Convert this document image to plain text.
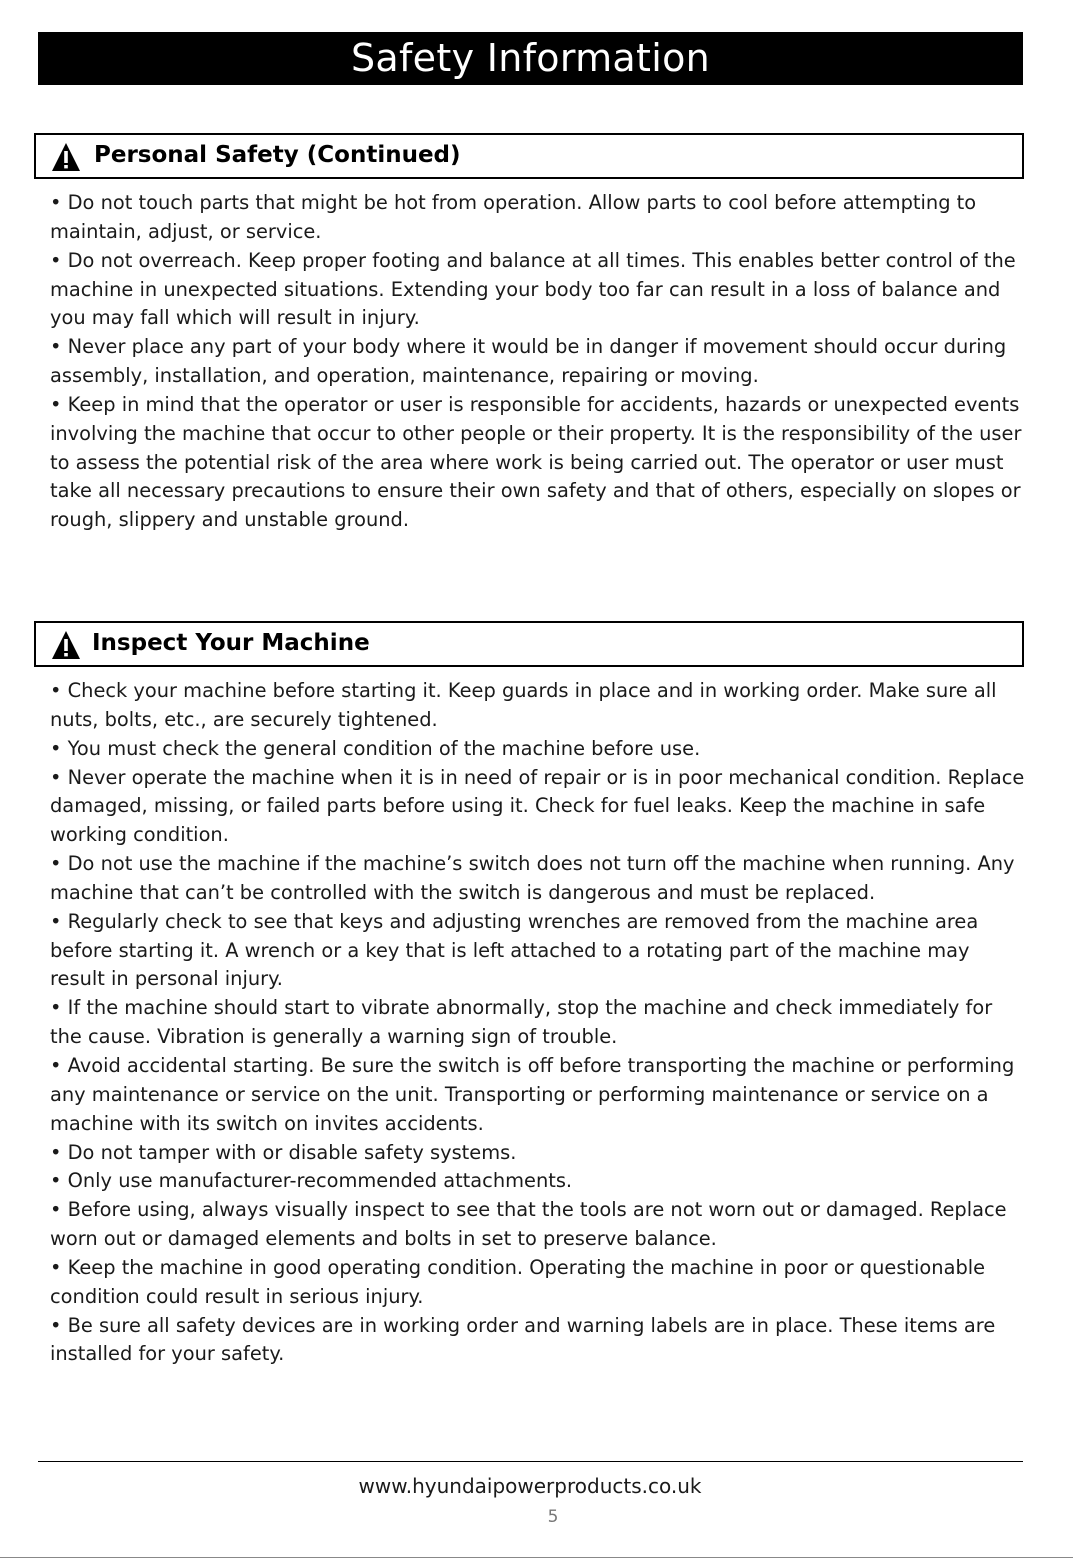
Safety Information
Personal Safety (Continued)
• Do not touch parts that might be hot from operation. Allow parts to cool before attempting to maintain, adjust, or service.
• Do not overreach. Keep proper footing and balance at all times. This enables better control of the machine in unexpected situations. Extending your body too far can result in a loss of balance and you may fall which will result in injury.
• Never place any part of your body where it would be in danger if movement should occur during assembly, installation, and operation, maintenance, repairing or moving.
• Keep in mind that the operator or user is responsible for accidents, hazards or unexpected events involving the machine that occur to other people or their property. It is the responsibility of the user to assess the potential risk of the area where work is being carried out. The operator or user must take all necessary precautions to ensure their own safety and that of others, especially on slopes or rough, slippery and unstable ground.
Inspect Your Machine
• Check your machine before starting it. Keep guards in place and in working order. Make sure all nuts, bolts, etc., are securely tightened.
• You must check the general condition of the machine before use.
• Never operate the machine when it is in need of repair or is in poor mechanical condition. Replace damaged, missing, or failed parts before using it. Check for fuel leaks. Keep the machine in safe working condition.
• Do not use the machine if the machine’s switch does not turn off the machine when running. Any machine that can’t be controlled with the switch is dangerous and must be replaced.
• Regularly check to see that keys and adjusting wrenches are removed from the machine area before starting it. A wrench or a key that is left attached to a rotating part of the machine may result in personal injury.
• If the machine should start to vibrate abnormally, stop the machine and check immediately for the cause. Vibration is generally a warning sign of trouble.
• Avoid accidental starting. Be sure the switch is off before transporting the machine or performing any maintenance or service on the unit. Transporting or performing maintenance or service on a machine with its switch on invites accidents.
• Do not tamper with or disable safety systems.
• Only use manufacturer-recommended attachments.
• Before using, always visually inspect to see that the tools are not worn out or damaged. Replace worn out or damaged elements and bolts in set to preserve balance.
• Keep the machine in good operating condition. Operating the machine in poor or questionable condition could result in serious injury.
• Be sure all safety devices are in working order and warning labels are in place. These items are installed for your safety.
www.hyundaipowerproducts.co.uk
5
